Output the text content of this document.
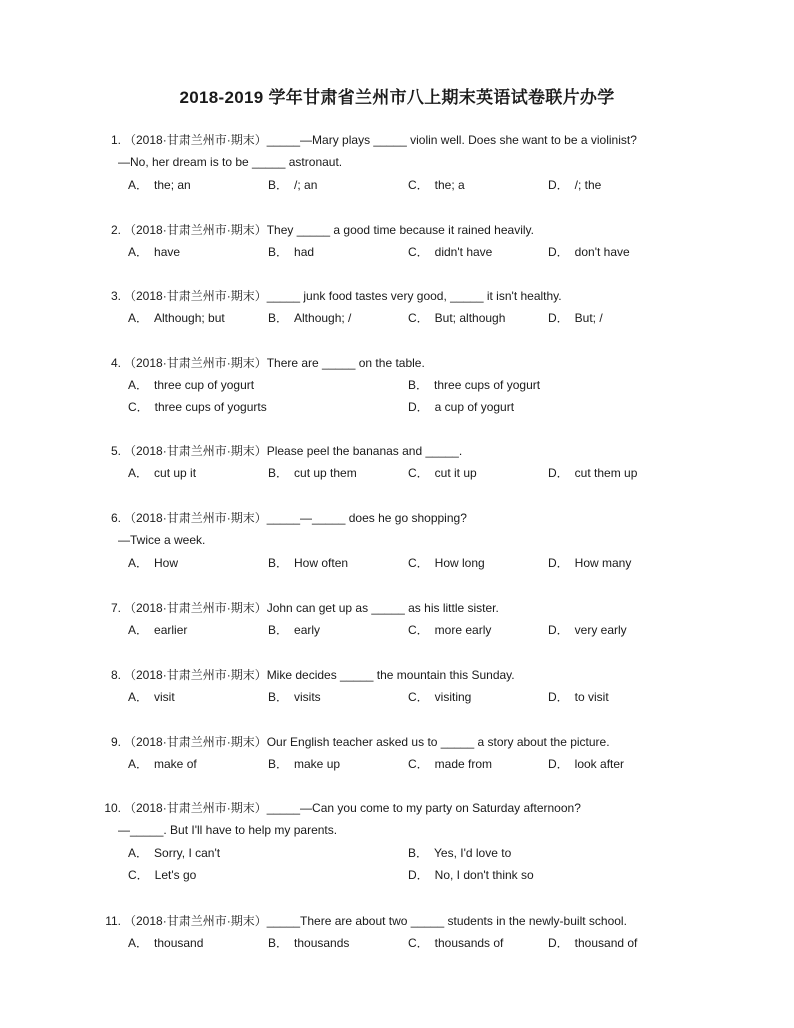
2018-2019 学年甘肃省兰州市八上期末英语试卷联片办学
1. （2018·甘肃兰州市·期末）_____—Mary plays _____ violin well. Does she want to be a violinist?
—No, her dream is to be _____ astronaut.
A． the; an	B． /; an	C． the; a	D． /; the
2. （2018·甘肃兰州市·期末）They _____ a good time because it rained heavily.
A． have	B． had	C． didn't have	D． don't have
3. （2018·甘肃兰州市·期末）_____ junk food tastes very good, _____ it isn't healthy.
A． Although; but	B． Although; /	C． But; although	D． But; /
4. （2018·甘肃兰州市·期末）There are _____ on the table.
A． three cup of yogurt	B． three cups of yogurt
C． three cups of yogurts	D． a cup of yogurt
5. （2018·甘肃兰州市·期末）Please peel the bananas and _____.
A． cut up it	B． cut up them	C． cut it up	D． cut them up
6. （2018·甘肃兰州市·期末）_____—_____ does he go shopping?
—Twice a week.
A． How	B． How often	C． How long	D． How many
7. （2018·甘肃兰州市·期末）John can get up as _____ as his little sister.
A． earlier	B． early	C． more early	D． very early
8. （2018·甘肃兰州市·期末）Mike decides _____ the mountain this Sunday.
A． visit	B． visits	C． visiting	D． to visit
9. （2018·甘肃兰州市·期末）Our English teacher asked us to _____ a story about the picture.
A． make of	B． make up	C． made from	D． look after
10. （2018·甘肃兰州市·期末）_____—Can you come to my party on Saturday afternoon?
—_____. But I'll have to help my parents.
A． Sorry, I can't	B． Yes, I'd love to
C． Let's go	D． No, I don't think so
11. （2018·甘肃兰州市·期末）_____There are about two _____ students in the newly-built school.
A． thousand	B． thousands	C． thousands of	D． thousand of
